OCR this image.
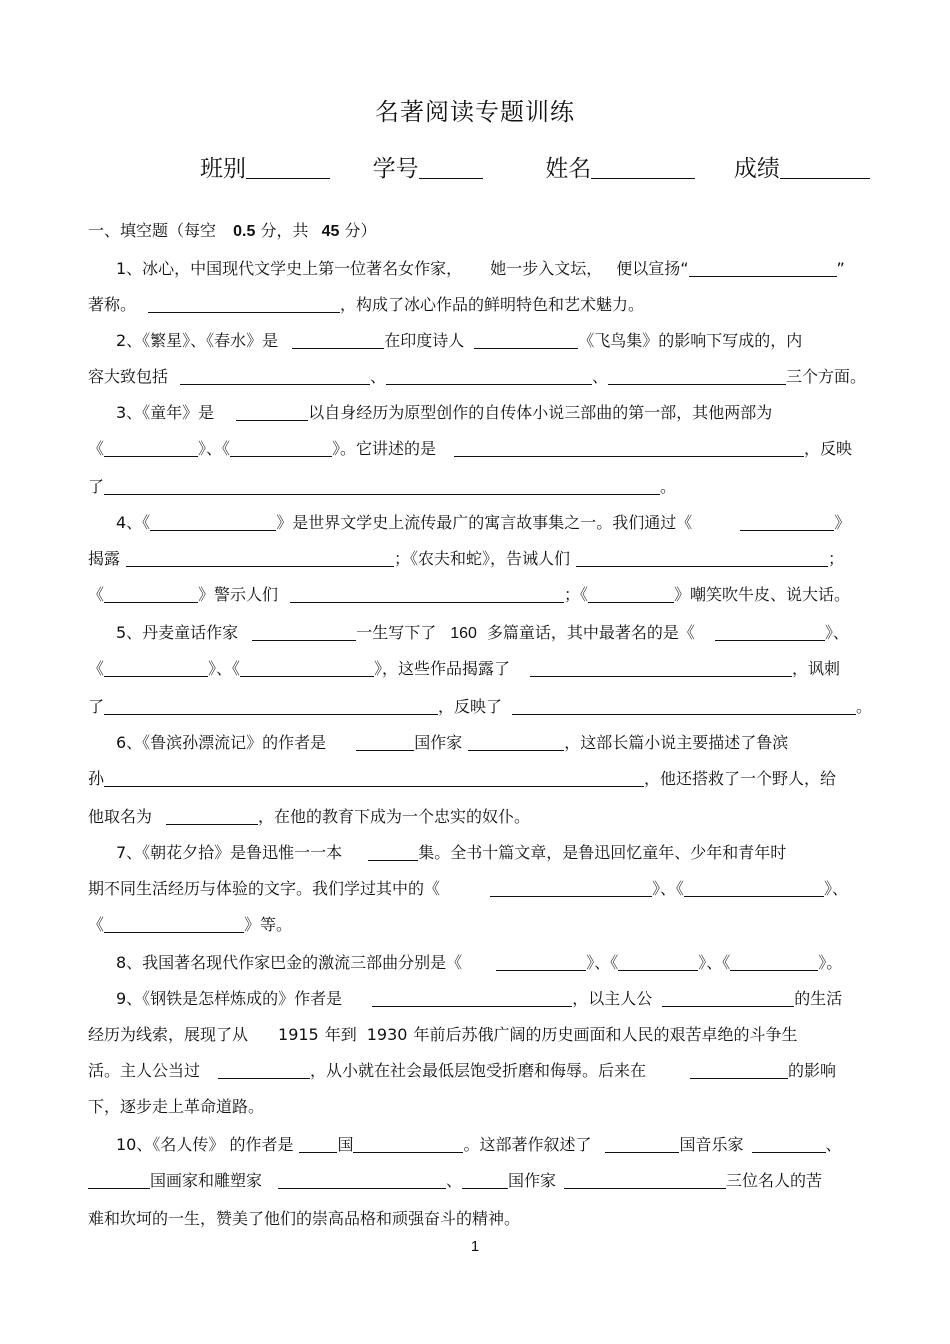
名著阅读专题训练
班别	学号	姓名	成绩
一、填空题（每空 0.5 分，共 45 分）
1、冰心，中国现代文学史上第一位著名女作家， 她一步入文坛， 便以宣扬“	”
著称。	，构成了冰心作品的鲜明特色和艺术魅力。
2、《繁星》、《春水》是	在印度诗人	《飞鸟集》的影响下写成的，内
容大致包括	、	、	三个方面。
3、《童年》是	以自身经历为原型创作的自传体小说三部曲的第一部，其他两部为
《	》、《	》。它讲述的是	，反映
了	。
4、《	》是世界文学史上流传最广的寓言故事集之一。我们通过《	》
揭露	；《农夫和蛇》，告诫人们	；
《	》警示人们	；《	》嘲笑吹牛皮、说大话。
5、丹麦童话作家	一生写下了 160 多篇童话，其中最著名的是《	》、
《	》、《	》，这些作品揭露了	，讽刺
了	，反映了	。
6、《鲁滨孙漂流记》的作者是	国作家	，这部长篇小说主要描述了鲁滨
孙	，他还搭救了一个野人，给
他取名为	，在他的教育下成为一个忠实的奴仆。
7、《朝花夕拾》是鲁迅惟一一本	集。全书十篇文章，是鲁迅回忆童年、少年和青年时
期不同生活经历与体验的文字。我们学过其中的《	》、《	》、
《	》等。
8、我国著名现代作家巴金的激流三部曲分别是《	》、《	》、《	》。
9、《钢铁是怎样炼成的》作者是	，以主人公	的生活
经历为线索，展现了从 1915 年到 1930 年前后苏俄广阔的历史画面和人民的艰苦卓绝的斗争生
活。主人公当过	，从小就在社会最低层饱受折磨和侮辱。后来在	的影响
下，逐步走上革命道路。
10、《名人传》 的作者是	国	。这部著作叙述了	国音乐家	、
国画家和雕塑家	、	国作家	三位名人的苦
难和坎坷的一生，赞美了他们的崇高品格和顽强奋斗的精神。
1
